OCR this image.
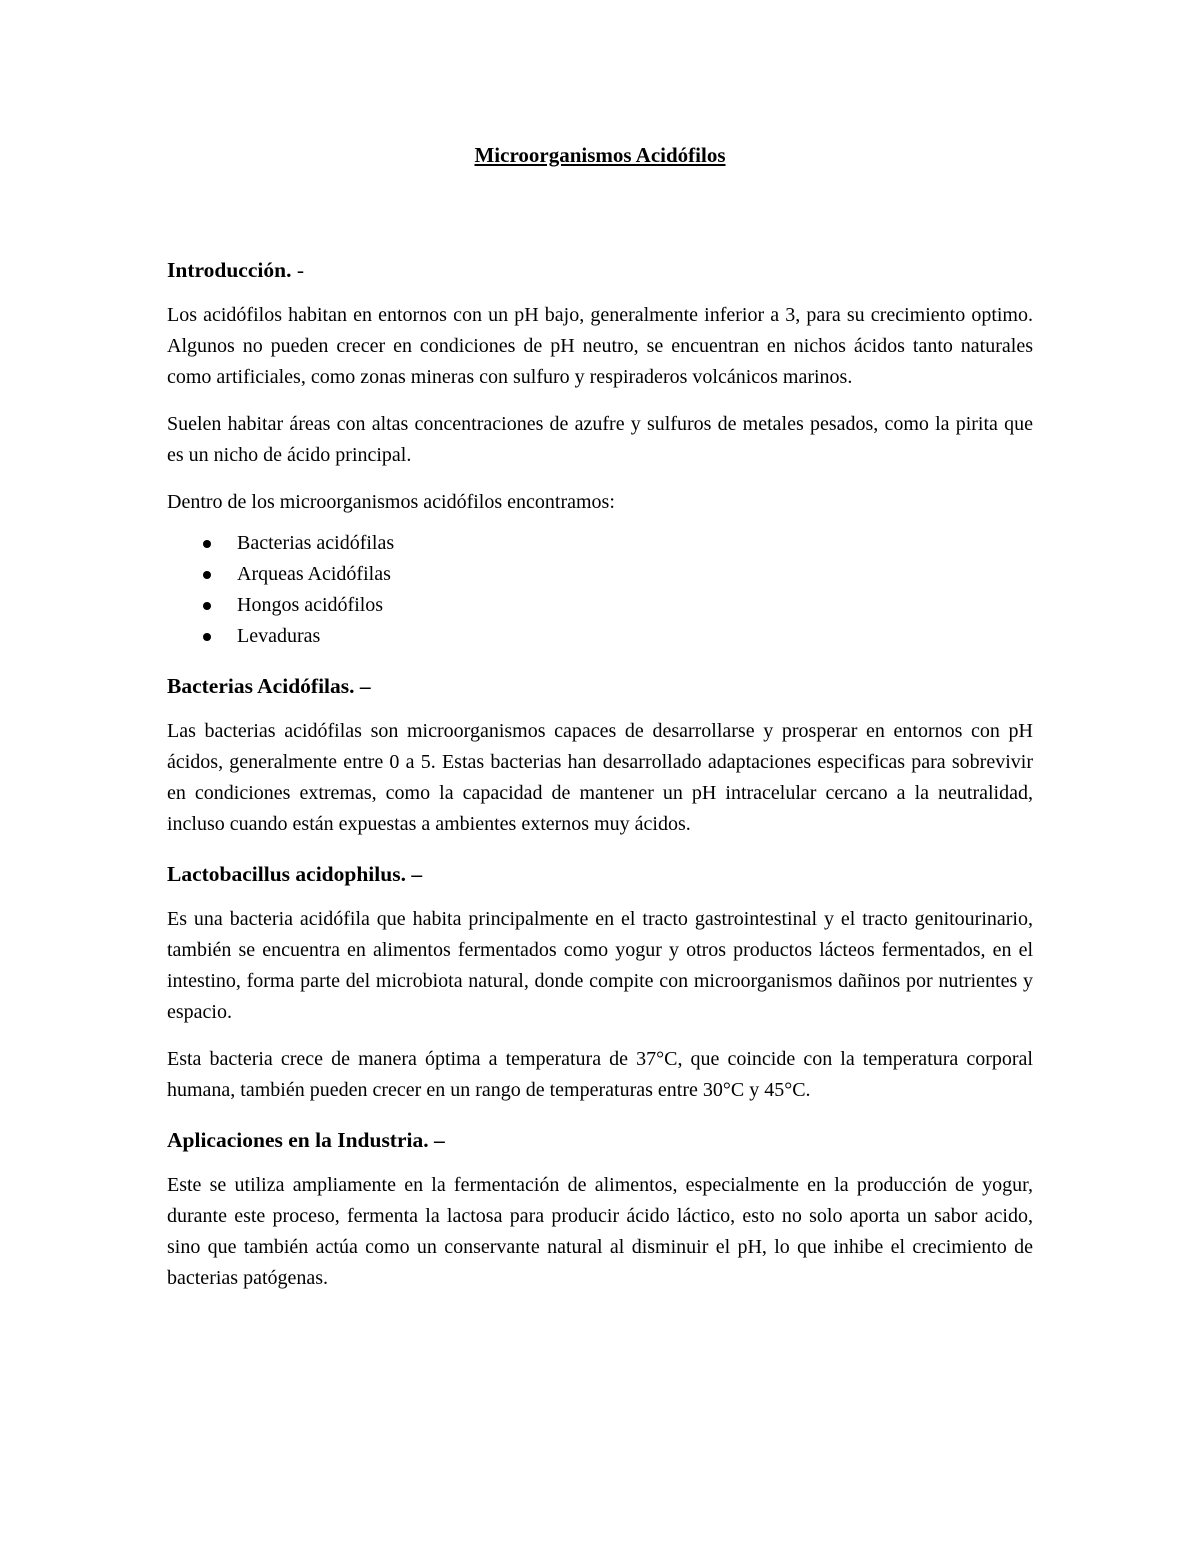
Microorganismos Acidófilos
Introducción. -

Los acidófilos habitan en entornos con un pH bajo, generalmente inferior a 3, para su crecimiento optimo. Algunos no pueden crecer en condiciones de pH neutro, se encuentran en nichos ácidos tanto naturales como artificiales, como zonas mineras con sulfuro y respiraderos volcánicos marinos.

Suelen habitar áreas con altas concentraciones de azufre y sulfuros de metales pesados, como la pirita que es un nicho de ácido principal.

Dentro de los microorganismos acidófilos encontramos:

Bacterias acidófilas
Arqueas Acidófilas
Hongos acidófilos
Levaduras
Bacterias Acidófilas. –

Las bacterias acidófilas son microorganismos capaces de desarrollarse y prosperar en entornos con pH ácidos, generalmente entre 0 a 5. Estas bacterias han desarrollado adaptaciones especificas para sobrevivir en condiciones extremas, como la capacidad de mantener un pH intracelular cercano a la neutralidad, incluso cuando están expuestas a ambientes externos muy ácidos.

Lactobacillus acidophilus. –

Es una bacteria acidófila que habita principalmente en el tracto gastrointestinal y el tracto genitourinario, también se encuentra en alimentos fermentados como yogur y otros productos lácteos fermentados, en el intestino, forma parte del microbiota natural, donde compite con microorganismos dañinos por nutrientes y espacio.

Esta bacteria crece de manera óptima a temperatura de 37°C, que coincide con la temperatura corporal humana, también pueden crecer en un rango de temperaturas entre 30°C y 45°C.

Aplicaciones en la Industria. –

Este se utiliza ampliamente en la fermentación de alimentos, especialmente en la producción de yogur, durante este proceso, fermenta la lactosa para producir ácido láctico, esto no solo aporta un sabor acido, sino que también actúa como un conservante natural al disminuir el pH, lo que inhibe el crecimiento de bacterias patógenas.
